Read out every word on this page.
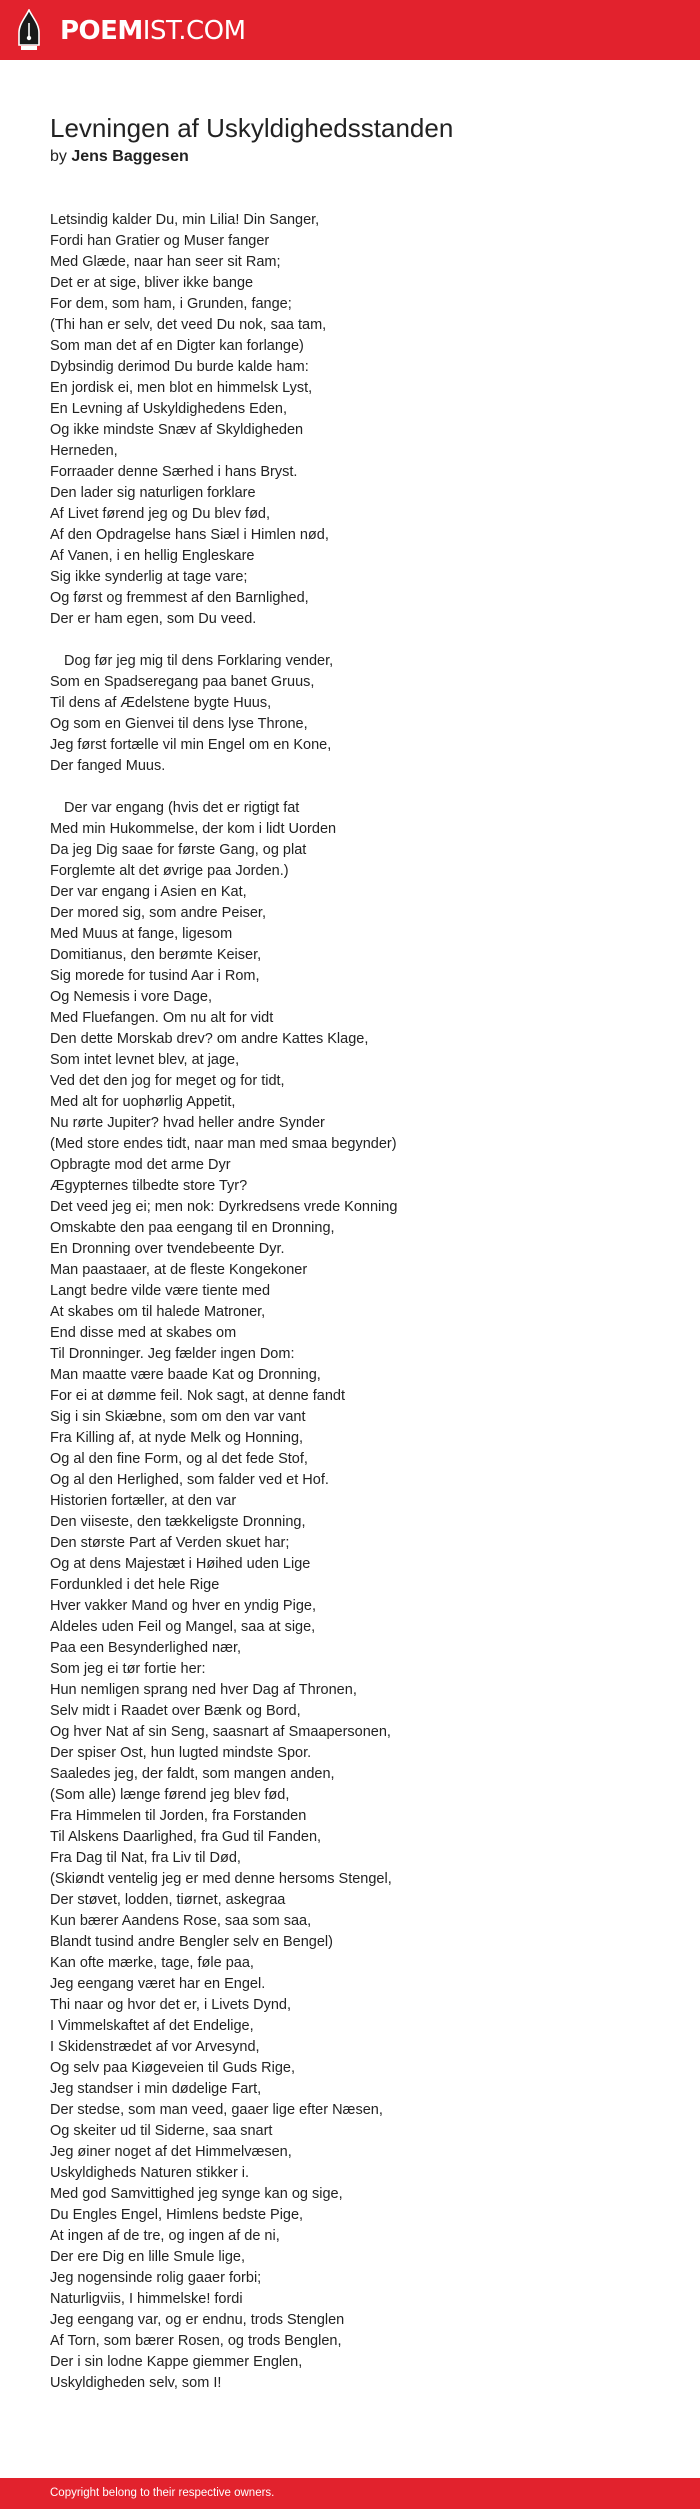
POEMIST.COM
Levningen af Uskyldighedsstanden
by Jens Baggesen
Letsindig kalder Du, min Lilia! Din Sanger,
Fordi han Gratier og Muser fanger
Med Glæde, naar han seer sit Ram;
Det er at sige, bliver ikke bange
For dem, som ham, i Grunden, fange;
(Thi han er selv, det veed Du nok, saa tam,
Som man det af en Digter kan forlange)
Dybsindig derimod Du burde kalde ham:
En jordisk ei, men blot en himmelsk Lyst,
En Levning af Uskyldighedens Eden,
Og ikke mindste Snæv af Skyldigheden
Herneden,
Forraader denne Særhed i hans Bryst.
Den lader sig naturligen forklare
Af Livet førend jeg og Du blev fød,
Af den Opdragelse hans Siæl i Himlen nød,
Af Vanen, i en hellig Engleskare
Sig ikke synderlig at tage vare;
Og først og fremmest af den Barnlighed,
Der er ham egen, som Du veed.
Dog før jeg mig til dens Forklaring vender,
Som en Spadseregang paa banet Gruus,
Til dens af Ædelstene bygte Huus,
Og som en Gienvei til dens lyse Throne,
Jeg først fortælle vil min Engel om en Kone,
Der fanged Muus.
Der var engang (hvis det er rigtigt fat
Med min Hukommelse, der kom i lidt Uorden
Da jeg Dig saae for første Gang, og plat
Forglemte alt det øvrige paa Jorden.)
Der var engang i Asien en Kat,
Der mored sig, som andre Peiser,
Med Muus at fange, ligesom
Domitianus, den berømte Keiser,
Sig morede for tusind Aar i Rom,
Og Nemesis i vore Dage,
Med Fluefangen. Om nu alt for vidt
Den dette Morskab drev? om andre Kattes Klage,
Som intet levnet blev, at jage,
Ved det den jog for meget og for tidt,
Med alt for uophørlig Appetit,
Nu rørte Jupiter? hvad heller andre Synder
(Med store endes tidt, naar man med smaa begynder)
Opbragte mod det arme Dyr
Ægypternes tilbedte store Tyr?
Det veed jeg ei; men nok: Dyrkredsens vrede Konning
Omskabte den paa eengang til en Dronning,
En Dronning over tvendebeente Dyr.
Man paastaaer, at de fleste Kongekoner
Langt bedre vilde være tiente med
At skabes om til halede Matroner,
End disse med at skabes om
Til Dronninger. Jeg fælder ingen Dom:
Man maatte være baade Kat og Dronning,
For ei at dømme feil. Nok sagt, at denne fandt
Sig i sin Skiæbne, som om den var vant
Fra Killing af, at nyde Melk og Honning,
Og al den fine Form, og al det fede Stof,
Og al den Herlighed, som falder ved et Hof.
Historien fortæller, at den var
Den viiseste, den tækkeligste Dronning,
Den største Part af Verden skuet har;
Og at dens Majestæt i Høihed uden Lige
Fordunkled i det hele Rige
Hver vakker Mand og hver en yndig Pige,
Aldeles uden Feil og Mangel, saa at sige,
Paa een Besynderlighed nær,
Som jeg ei tør fortie her:
Hun nemligen sprang ned hver Dag af Thronen,
Selv midt i Raadet over Bænk og Bord,
Og hver Nat af sin Seng, saasnart af Smaapersonen,
Der spiser Ost, hun lugted mindste Spor.
Saaledes jeg, der faldt, som mangen anden,
(Som alle) længe førend jeg blev fød,
Fra Himmelen til Jorden, fra Forstanden
Til Alskens Daarlighed, fra Gud til Fanden,
Fra Dag til Nat, fra Liv til Død,
(Skiøndt ventelig jeg er med denne hersoms Stengel,
Der støvet, lodden, tiørnet, askegraa
Kun bærer Aandens Rose, saa som saa,
Blandt tusind andre Bengler selv en Bengel)
Kan ofte mærke, tage, føle paa,
Jeg eengang været har en Engel.
Thi naar og hvor det er, i Livets Dynd,
I Vimmelskaftet af det Endelige,
I Skidenstrædet af vor Arvesynd,
Og selv paa Kiøgeveien til Guds Rige,
Jeg standser i min dødelige Fart,
Der stedse, som man veed, gaaer lige efter Næsen,
Og skeiter ud til Siderne, saa snart
Jeg øiner noget af det Himmelvæsen,
Uskyldigheds Naturen stikker i.
Med god Samvittighed jeg synge kan og sige,
Du Engles Engel, Himlens bedste Pige,
At ingen af de tre, og ingen af de ni,
Der ere Dig en lille Smule lige,
Jeg nogensinde rolig gaaer forbi;
Naturligviis, I himmelske! fordi
Jeg eengang var, og er endnu, trods Stenglen
Af Torn, som bærer Rosen, og trods Benglen,
Der i sin lodne Kappe giemmer Englen,
Uskyldigheden selv, som I!
Copyright belong to their respective owners.
